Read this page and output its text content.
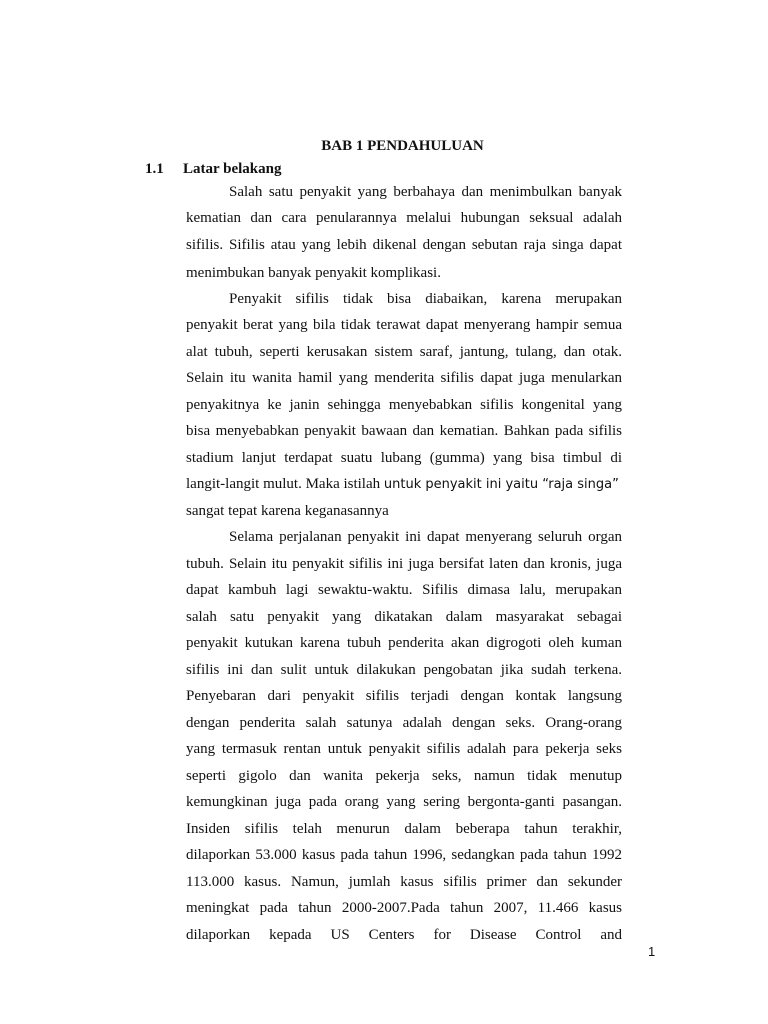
BAB 1 PENDAHULUAN
1.1 Latar belakang
Salah satu penyakit yang berbahaya dan menimbulkan banyak
kematian dan cara penularannya melalui hubungan seksual adalah
sifilis. Sifilis atau yang lebih dikenal dengan sebutan raja singa dapat
menimbukan banyak penyakit komplikasi.
Penyakit sifilis tidak bisa diabaikan, karena merupakan
penyakit berat yang bila tidak terawat dapat menyerang hampir semua
alat tubuh, seperti kerusakan sistem saraf, jantung, tulang, dan otak.
Selain itu wanita hamil yang menderita sifilis dapat juga menularkan
penyakitnya ke janin sehingga menyebabkan sifilis kongenital yang
bisa menyebabkan penyakit bawaan dan kematian. Bahkan pada sifilis
stadium lanjut terdapat suatu lubang (gumma) yang bisa timbul di
langit-langit mulut. Maka istilah untuk penyakit ini yaitu “raja singa”
sangat tepat karena keganasannya
Selama perjalanan penyakit ini dapat menyerang seluruh organ
tubuh. Selain itu penyakit sifilis ini juga bersifat laten dan kronis, juga
dapat kambuh lagi sewaktu-waktu. Sifilis dimasa lalu, merupakan
salah satu penyakit yang dikatakan dalam masyarakat sebagai
penyakit kutukan karena tubuh penderita akan digrogoti oleh kuman
sifilis ini dan sulit untuk dilakukan pengobatan jika sudah terkena.
Penyebaran dari penyakit sifilis terjadi dengan kontak langsung
dengan penderita salah satunya adalah dengan seks. Orang-orang
yang termasuk rentan untuk penyakit sifilis adalah para pekerja seks
seperti gigolo dan wanita pekerja seks, namun tidak menutup
kemungkinan juga pada orang yang sering bergonta-ganti pasangan.
Insiden sifilis telah menurun dalam beberapa tahun terakhir,
dilaporkan 53.000 kasus pada tahun 1996, sedangkan pada tahun 1992
113.000 kasus. Namun, jumlah kasus sifilis primer dan sekunder
meningkat pada tahun 2000-2007.Pada tahun 2007, 11.466 kasus
dilaporkan kepada US Centers for Disease Control and
1
